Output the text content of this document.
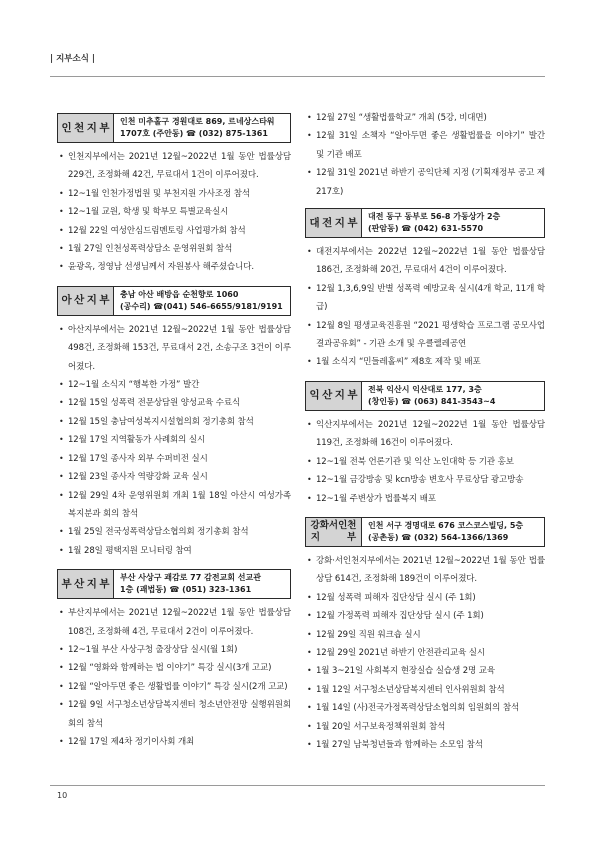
| 지부소식 |
인천지부 인천 미추홀구 경원대로 869, 르네상스타워
1707호 (주안동) ☎ (032) 875-1361
• 인천지부에서는 2021년 12월~2022년 1월 동안 법률상담 229건, 조정화해 42건, 무료대서 1건이 이루어졌다.
• 12~1월 인천가정법원 및 부천지원 가사조정 참석
• 12~1월 교원, 학생 및 학부모 특별교육실시
• 12월 22일 여성안심드림멘토링 사업평가회 참석
• 1월 27일 인천성폭력상담소 운영위원회 참석
• 윤광옥, 정영남 선생님께서 자원봉사 해주셨습니다.
아산지부 충남 아산 배방읍 순천향로 1060
(공수리) ☎(041) 546-6655/9181/9191
• 아산지부에서는 2021년 12월~2022년 1월 동안 법률상담 498건, 조정화해 153건, 무료대서 2건, 소송구조 3건이 이루어졌다.
• 12~1월 소식지 “행복한 가정” 발간
• 12월 15일 성폭력 전문상담원 양성교육 수료식
• 12월 15일 충남여성복지시설협의회 정기총회 참석
• 12월 17일 지역활동가 사례회의 실시
• 12월 17일 종사자 외부 수퍼비전 실시
• 12월 23일 종사자 역량강화 교육 실시
• 12월 29일 4차 운영위원회 개최 1월 18일 아산시 여성가족복지분과 회의 참석
• 1월 25일 전국성폭력상담소협의회 정기총회 참석
• 1월 28일 평택지원 모니터링 참여
부산지부 부산 사상구 괘감로 77 감전교회 선교관
1층 (괘법동) ☎ (051) 323-1361
• 부산지부에서는 2021년 12월~2022년 1월 동안 법률상담 108건, 조정화해 4건, 무료대서 2건이 이루어졌다.
• 12~1월 부산 사상구청 출장상담 실시(월 1회)
• 12월 “영화와 함께하는 법 이야기” 특강 실시(3개 고교)
• 12월 “알아두면 좋은 생활법률 이야기” 특강 실시(2개 고교)
• 12월 9일 서구청소년상담복지센터 청소년안전망 실행위원회 회의 참석
• 12월 17일 제4차 정기이사회 개최
• 12월 27일 “생활법률학교” 개최 (5강, 비대면)
• 12월 31일 소책자 “알아두면 좋은 생활법률을 이야기” 발간 및 기관 배포
• 12월 31일 2021년 하반기 공익단체 지정 (기획재정부 공고 제217호)
대전지부 대전 동구 동부로 56-8 가동상가 2층
(판암동) ☎ (042) 631-5570
• 대전지부에서는 2022년 12월~2022년 1월 동안 법률상담 186건, 조정화해 20건, 무료대서 4건이 이루어졌다.
• 12월 1,3,6,9일 반별 성폭력 예방교육 실시(4개 학교, 11개 학급)
• 12월 8일 평생교육진흥원 “2021 평생학습 프로그램 공모사업 결과공유회” - 기관 소개 및 우클렐레공연
• 1월 소식지 “민들레홀씨” 제8호 제작 및 배포
익산지부 전북 익산시 익산대로 177, 3층
(창인동) ☎ (063) 841-3543~4
• 익산지부에서는 2021년 12월~2022년 1월 동안 법률상담 119건, 조정화해 16건이 이루어졌다.
• 12~1월 전북 언론기관 및 익산 노인대학 등 기관 홍보
• 12~1월 금강방송 및 kcn방송 변호사 무료상담 광고방송
• 12~1월 주변상가 법률복지 배포
강화서인천
지부
인천 서구 경명대로 676 코스코스빌딩, 5층
(공촌동) ☎ (032) 564-1366/1369
• 강화·서인천지부에서는 2021년 12월~2022년 1월 동안 법률상담 614건, 조정화해 189건이 이루어졌다.
• 12월 성폭력 피해자 집단상담 실시 (주 1회)
• 12월 가정폭력 피해자 집단상담 실시 (주 1회)
• 12월 29일 직원 워크숍 실시
• 12월 29일 2021년 하반기 안전관리교육 실시
• 1월 3~21일 사회복지 현장실습 실습생 2명 교육
• 1월 12일 서구청소년상담복지센터 인사위원회 참석
• 1월 14일 (사)전국가정폭력상담소협의회 임원회의 참석
• 1월 20일 서구보육정책위원회 참석
• 1월 27일 남북청년들과 함께하는 소모임 참석
10
